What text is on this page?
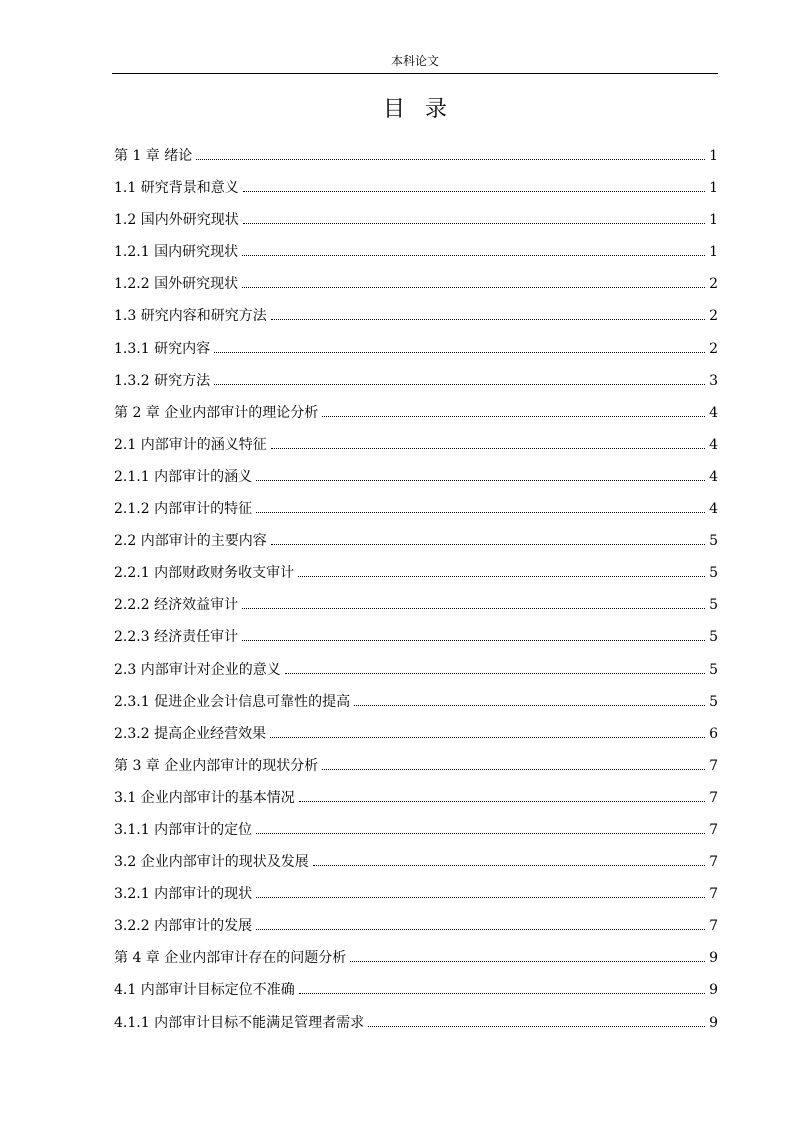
本科论文
目录
第 1 章 绪论	1
1.1 研究背景和意义	1
1.2 国内外研究现状	1
1.2.1 国内研究现状	1
1.2.2 国外研究现状	2
1.3 研究内容和研究方法	2
1.3.1 研究内容	2
1.3.2 研究方法	3
第 2 章 企业内部审计的理论分析	4
2.1 内部审计的涵义特征	4
2.1.1 内部审计的涵义	4
2.1.2 内部审计的特征	4
2.2 内部审计的主要内容	5
2.2.1 内部财政财务收支审计	5
2.2.2 经济效益审计	5
2.2.3 经济责任审计	5
2.3 内部审计对企业的意义	5
2.3.1 促进企业会计信息可靠性的提高	5
2.3.2 提高企业经营效果	6
第 3 章 企业内部审计的现状分析	7
3.1 企业内部审计的基本情况	7
3.1.1 内部审计的定位	7
3.2 企业内部审计的现状及发展	7
3.2.1 内部审计的现状	7
3.2.2 内部审计的发展	7
第 4 章 企业内部审计存在的问题分析	9
4.1 内部审计目标定位不准确	9
4.1.1 内部审计目标不能满足管理者需求	9
